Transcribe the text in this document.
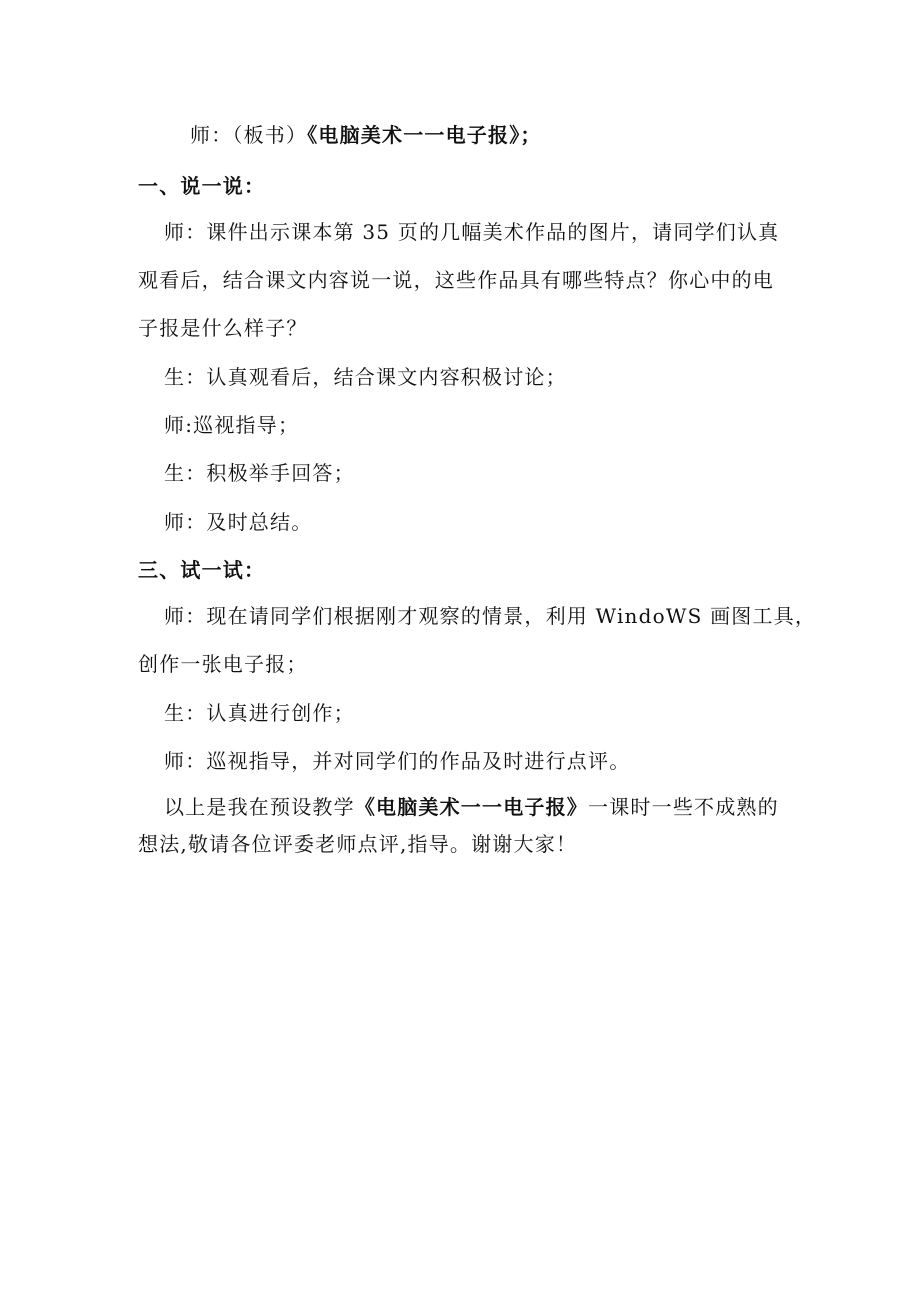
师：（板书）《电脑美术一一电子报》；
一、说一说：
师：课件出示课本第 35 页的几幅美术作品的图片，请同学们认真
观看后，结合课文内容说一说，这些作品具有哪些特点？你心中的电
子报是什么样子？
生：认真观看后，结合课文内容积极讨论；
师:巡视指导；
生：积极举手回答；
师：及时总结。
三、试一试：
师：现在请同学们根据刚才观察的情景，利用 WindoWS 画图工具，
创作一张电子报；
生：认真进行创作；
师：巡视指导，并对同学们的作品及时进行点评。
以上是我在预设教学《电脑美术一一电子报》一课时一些不成熟的
想法,敬请各位评委老师点评,指导。谢谢大家！
